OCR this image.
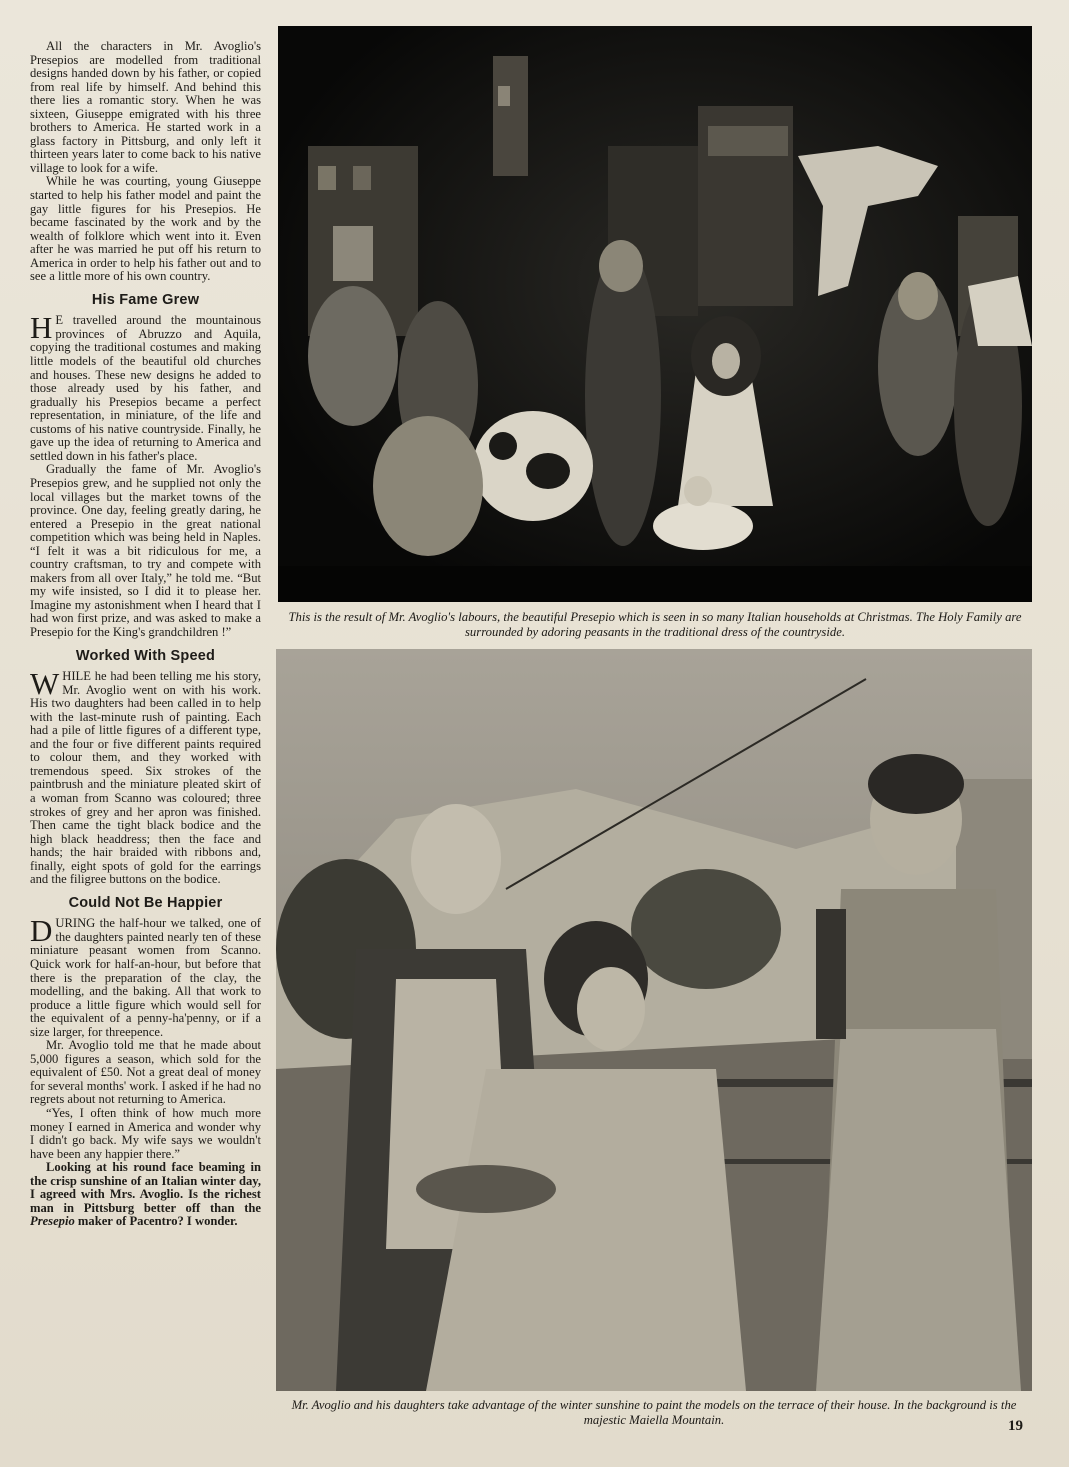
All the characters in Mr. Avoglio's Presepios are modelled from traditional designs handed down by his father, or copied from real life by himself. And behind this there lies a romantic story. When he was sixteen, Giuseppe emigrated with his three brothers to America. He started work in a glass factory in Pittsburg, and only left it thirteen years later to come back to his native village to look for a wife.

While he was courting, young Giuseppe started to help his father model and paint the gay little figures for his Presepios. He became fascinated by the work and by the wealth of folklore which went into it. Even after he was married he put off his return to America in order to help his father out and to see a little more of his own country.

His Fame Grew

H E travelled around the mountainous provinces of Abruzzo and Aquila, copying the traditional costumes and making little models of the beautiful old churches and houses. These new designs he added to those already used by his father, and gradually his Presepios became a perfect representation, in miniature, of the life and customs of his native countryside. Finally, he gave up the idea of returning to America and settled down in his father's place.

Gradually the fame of Mr. Avoglio's Presepios grew, and he supplied not only the local villages but the market towns of the province. One day, feeling greatly daring, he entered a Presepio in the great national competition which was being held in Naples. “I felt it was a bit ridiculous for me, a country craftsman, to try and compete with makers from all over Italy,” he told me. “But my wife insisted, so I did it to please her. Imagine my astonishment when I heard that I had won first prize, and was asked to make a Presepio for the King's grandchildren !”

Worked With Speed

WHILE he had been telling me his story, Mr. Avoglio went on with his work. His two daughters had been called in to help with the last-minute rush of painting. Each had a pile of little figures of a different type, and the four or five different paints required to colour them, and they worked with tremendous speed. Six strokes of the paintbrush and the miniature pleated skirt of a woman from Scanno was coloured; three strokes of grey and her apron was finished. Then came the tight black bodice and the high black headdress; then the face and hands; the hair braided with ribbons and, finally, eight spots of gold for the earrings and the filigree buttons on the bodice.

Could Not Be Happier

DURING the half-hour we talked, one of the daughters painted nearly ten of these miniature peasant women from Scanno. Quick work for half-an-hour, but before that there is the preparation of the clay, the modelling, and the baking. All that work to produce a little figure which would sell for the equivalent of a penny-ha'penny, or if a size larger, for threepence.

Mr. Avoglio told me that he made about 5,000 figures a season, which sold for the equivalent of £50. Not a great deal of money for several months' work. I asked if he had no regrets about not returning to America.

“Yes, I often think of how much more money I earned in America and wonder why I didn't go back. My wife says we wouldn't have been any happier there.”

Looking at his round face beaming in the crisp sunshine of an Italian winter day, I agreed with Mrs. Avoglio. Is the richest man in Pittsburg better off than the Presepio maker of Pacentro? I wonder.

This is the result of Mr. Avoglio's labours, the beautiful Presepio which is seen in so many Italian households at Christmas. The Holy Family are surrounded by adoring peasants in the traditional dress of the countryside.
Mr. Avoglio and his daughters take advantage of the winter sunshine to paint the models on the terrace of their house. In the background is the majestic Maiella Mountain.	19
